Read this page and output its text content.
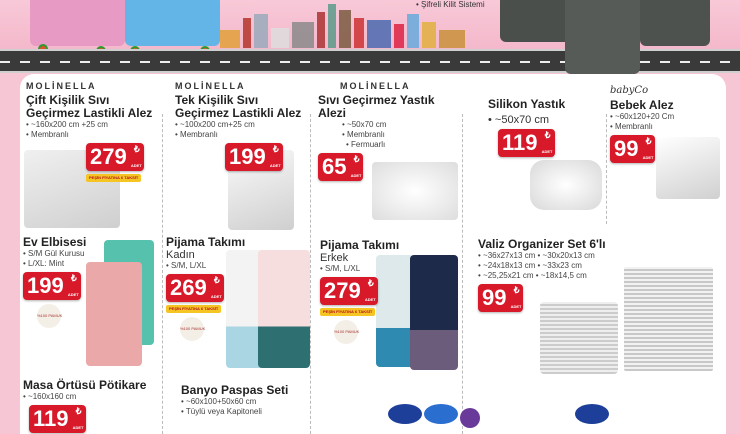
• Şifreli Kilit Sistemi
MOLİNELLA
Çift Kişilik Sıvı Geçirmez Lastikli Alez
• ~160x200 cm +25 cm
• Membranlı
279 ₺
ADET
PEŞİN FİYATINA 6 TAKSİT
MOLİNELLA
Tek Kişilik Sıvı Geçirmez Lastikli Alez
• ~100x200 cm+25 cm
• Membranlı
199 ₺
ADET
MOLİNELLA
Sıvı Geçirmez Yastık Alezi
• ~50x70 cm
• Membranlı
• Fermuarlı
65 ₺
ADET
Silikon Yastık
• ~50x70 cm
119 ₺
ADET
babyCo
Bebek Alez
• ~60x120+20 Cm
• Membranlı
99 ₺
ADET
Ev Elbisesi
• S/M Gül Kurusu
• L/XL: Mint
199 ₺
ADET
%100 PAMUK
Pijama Takımı
Kadın
• S/M, L/XL
269 ₺
ADET
PEŞİN FİYATINA 6 TAKSİT
%100 PAMUK
Pijama Takımı
Erkek
• S/M, L/XL
279 ₺
ADET
PEŞİN FİYATINA 6 TAKSİT
%100 PAMUK
Valiz Organizer Set 6'lı
• ~36x27x13 cm • ~30x20x13 cm
• ~24x18x13 cm • ~33x23 cm
• ~25,25x21 cm • ~18x14,5 cm
99 ₺
ADET
Masa Örtüsü Pötikare
• ~160x160 cm
119 ₺
ADET
Banyo Paspas Seti
• ~60x100+50x60 cm
• Tüylü veya Kapitoneli
